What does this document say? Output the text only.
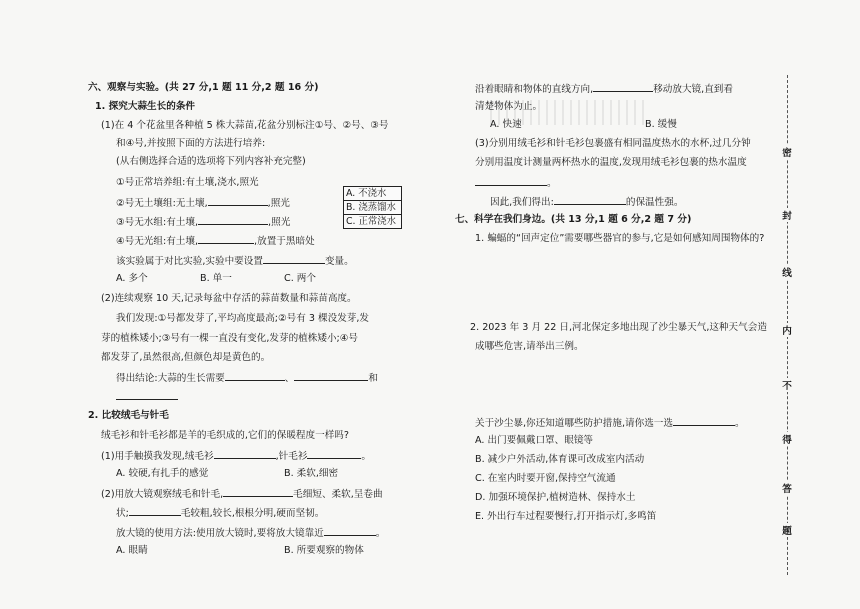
六、观察与实验。(共 27 分,1 题 11 分,2 题 16 分)
1. 探究大蒜生长的条件
(1)在 4 个花盆里各种植 5 株大蒜苗,花盆分别标注①号、②号、③号
和④号,并按照下面的方法进行培养:
(从右侧选择合适的选项将下列内容补充完整)
①号正常培养组:有土壤,浇水,照光
②号无土壤组:无土壤,	,照光
③号无水组:有土壤,	,照光
④号无光组:有土壤,	,放置于黑暗处
A. 不浇水
B. 浇蒸馏水
C. 正常浇水
该实验属于对比实验,实验中要设置	变量。
A. 多个	B. 单一	C. 两个
(2)连续观察 10 天,记录每盆中存活的蒜苗数量和蒜苗高度。
我们发现:①号都发芽了,平均高度最高;②号有 3 棵没发芽,发
芽的植株矮小;③号有一棵一直没有变化,发芽的植株矮小;④号
都发芽了,虽然很高,但颜色却是黄色的。
得出结论:大蒜的生长需要	、	和
2. 比较绒毛与针毛
绒毛衫和针毛衫都是羊的毛织成的,它们的保暖程度一样吗?
(1)用手触摸我发现,绒毛衫	,针毛衫	。
A. 较硬,有扎手的感觉	B. 柔软,细密
(2)用放大镜观察绒毛和针毛,	毛细短、柔软,呈卷曲
状;	毛较粗,较长,根根分明,硬而坚韧。
放大镜的使用方法:使用放大镜时,要将放大镜靠近	。
A. 眼睛	B. 所要观察的物体
沿着眼睛和物体的直线方向,	移动放大镜,直到看
清楚物体为止。
A. 快速	B. 缓慢
(3)分别用绒毛衫和针毛衫包裹盛有相同温度热水的水杯,过几分钟
分别用温度计测量两杯热水的温度,发现用绒毛衫包裹的热水温度
。
因此,我们得出:	的保温性强。
七、科学在我们身边。(共 13 分,1 题 6 分,2 题 7 分)
1. 蝙蝠的“回声定位”需要哪些器官的参与,它是如何感知周围物体的?
2. 2023 年 3 月 22 日,河北保定多地出现了沙尘暴天气,这种天气会造
成哪些危害,请举出三例。
关于沙尘暴,你还知道哪些防护措施,请你选一选	。
A. 出门要佩戴口罩、眼镜等
B. 减少户外活动,体育课可改成室内活动
C. 在室内时要开窗,保持空气流通
D. 加强环境保护,植树造林、保持水土
E. 外出行车过程要慢行,打开指示灯,多鸣笛
密
封
线
内
不
得
答
题
